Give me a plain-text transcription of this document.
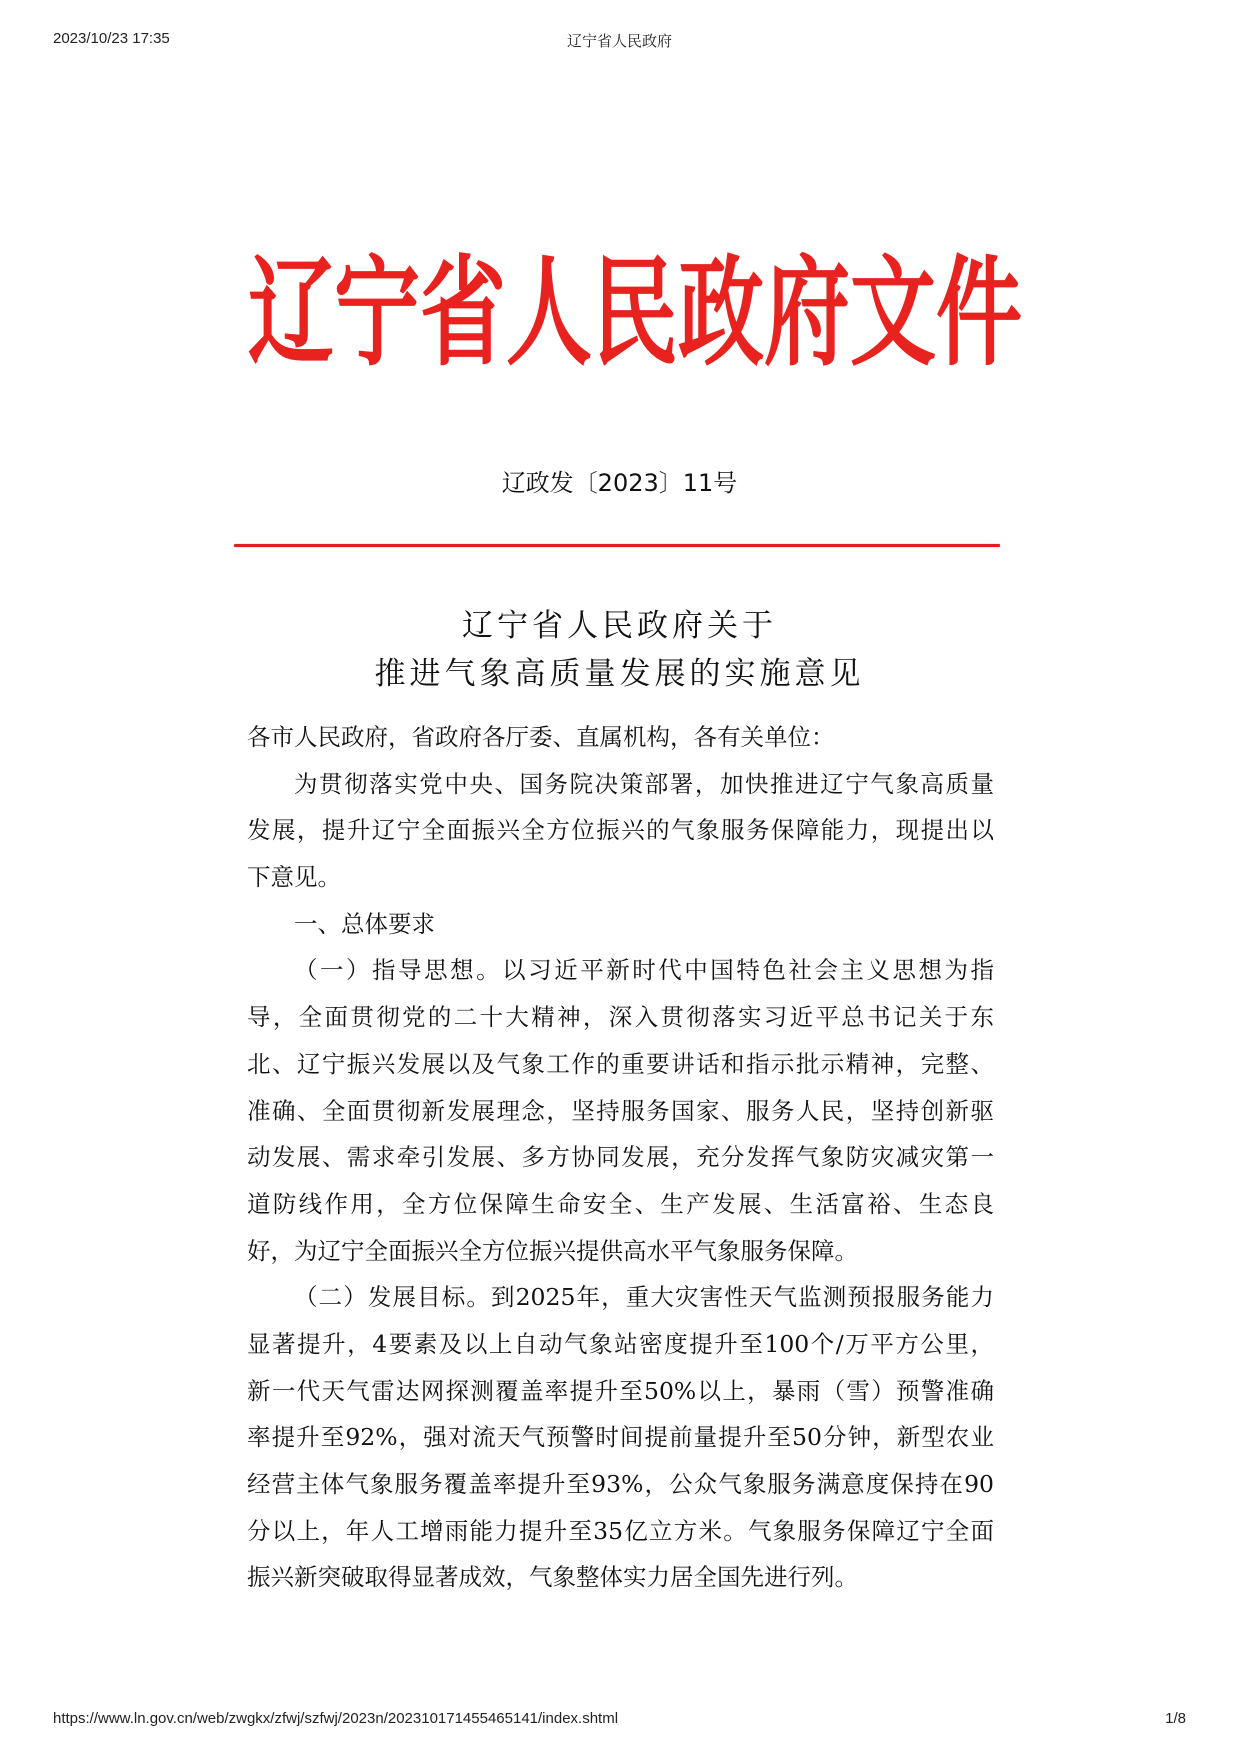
2023/10/23 17:35	辽宁省人民政府
辽 宁 省 人 民 政 府 文 件
辽政发〔2023〕11号
辽宁省人民政府关于
推进气象高质量发展的实施意见
各市人民政府，省政府各厅委、直属机构，各有关单位：
为贯彻落实党中央、国务院决策部署，加快推进辽宁气象高质量
发展，提升辽宁全面振兴全方位振兴的气象服务保障能力，现提出以
下意见。
一、总体要求
（一）指导思想。以习近平新时代中国特色社会主义思想为指
导，全面贯彻党的二十大精神，深入贯彻落实习近平总书记关于东
北、辽宁振兴发展以及气象工作的重要讲话和指示批示精神，完整、
准确、全面贯彻新发展理念，坚持服务国家、服务人民，坚持创新驱
动发展、需求牵引发展、多方协同发展，充分发挥气象防灾减灾第一
道防线作用，全方位保障生命安全、生产发展、生活富裕、生态良
好，为辽宁全面振兴全方位振兴提供高水平气象服务保障。
（二）发展目标。到2025年，重大灾害性天气监测预报服务能力
显著提升，4要素及以上自动气象站密度提升至100个/万平方公里，
新一代天气雷达网探测覆盖率提升至50%以上，暴雨（雪）预警准确
率提升至92%，强对流天气预警时间提前量提升至50分钟，新型农业
经营主体气象服务覆盖率提升至93%，公众气象服务满意度保持在90
分以上，年人工增雨能力提升至35亿立方米。气象服务保障辽宁全面
振兴新突破取得显著成效，气象整体实力居全国先进行列。
https://www.ln.gov.cn/web/zwgkx/zfwj/szfwj/2023n/202310171455465141/index.shtml	1/8
